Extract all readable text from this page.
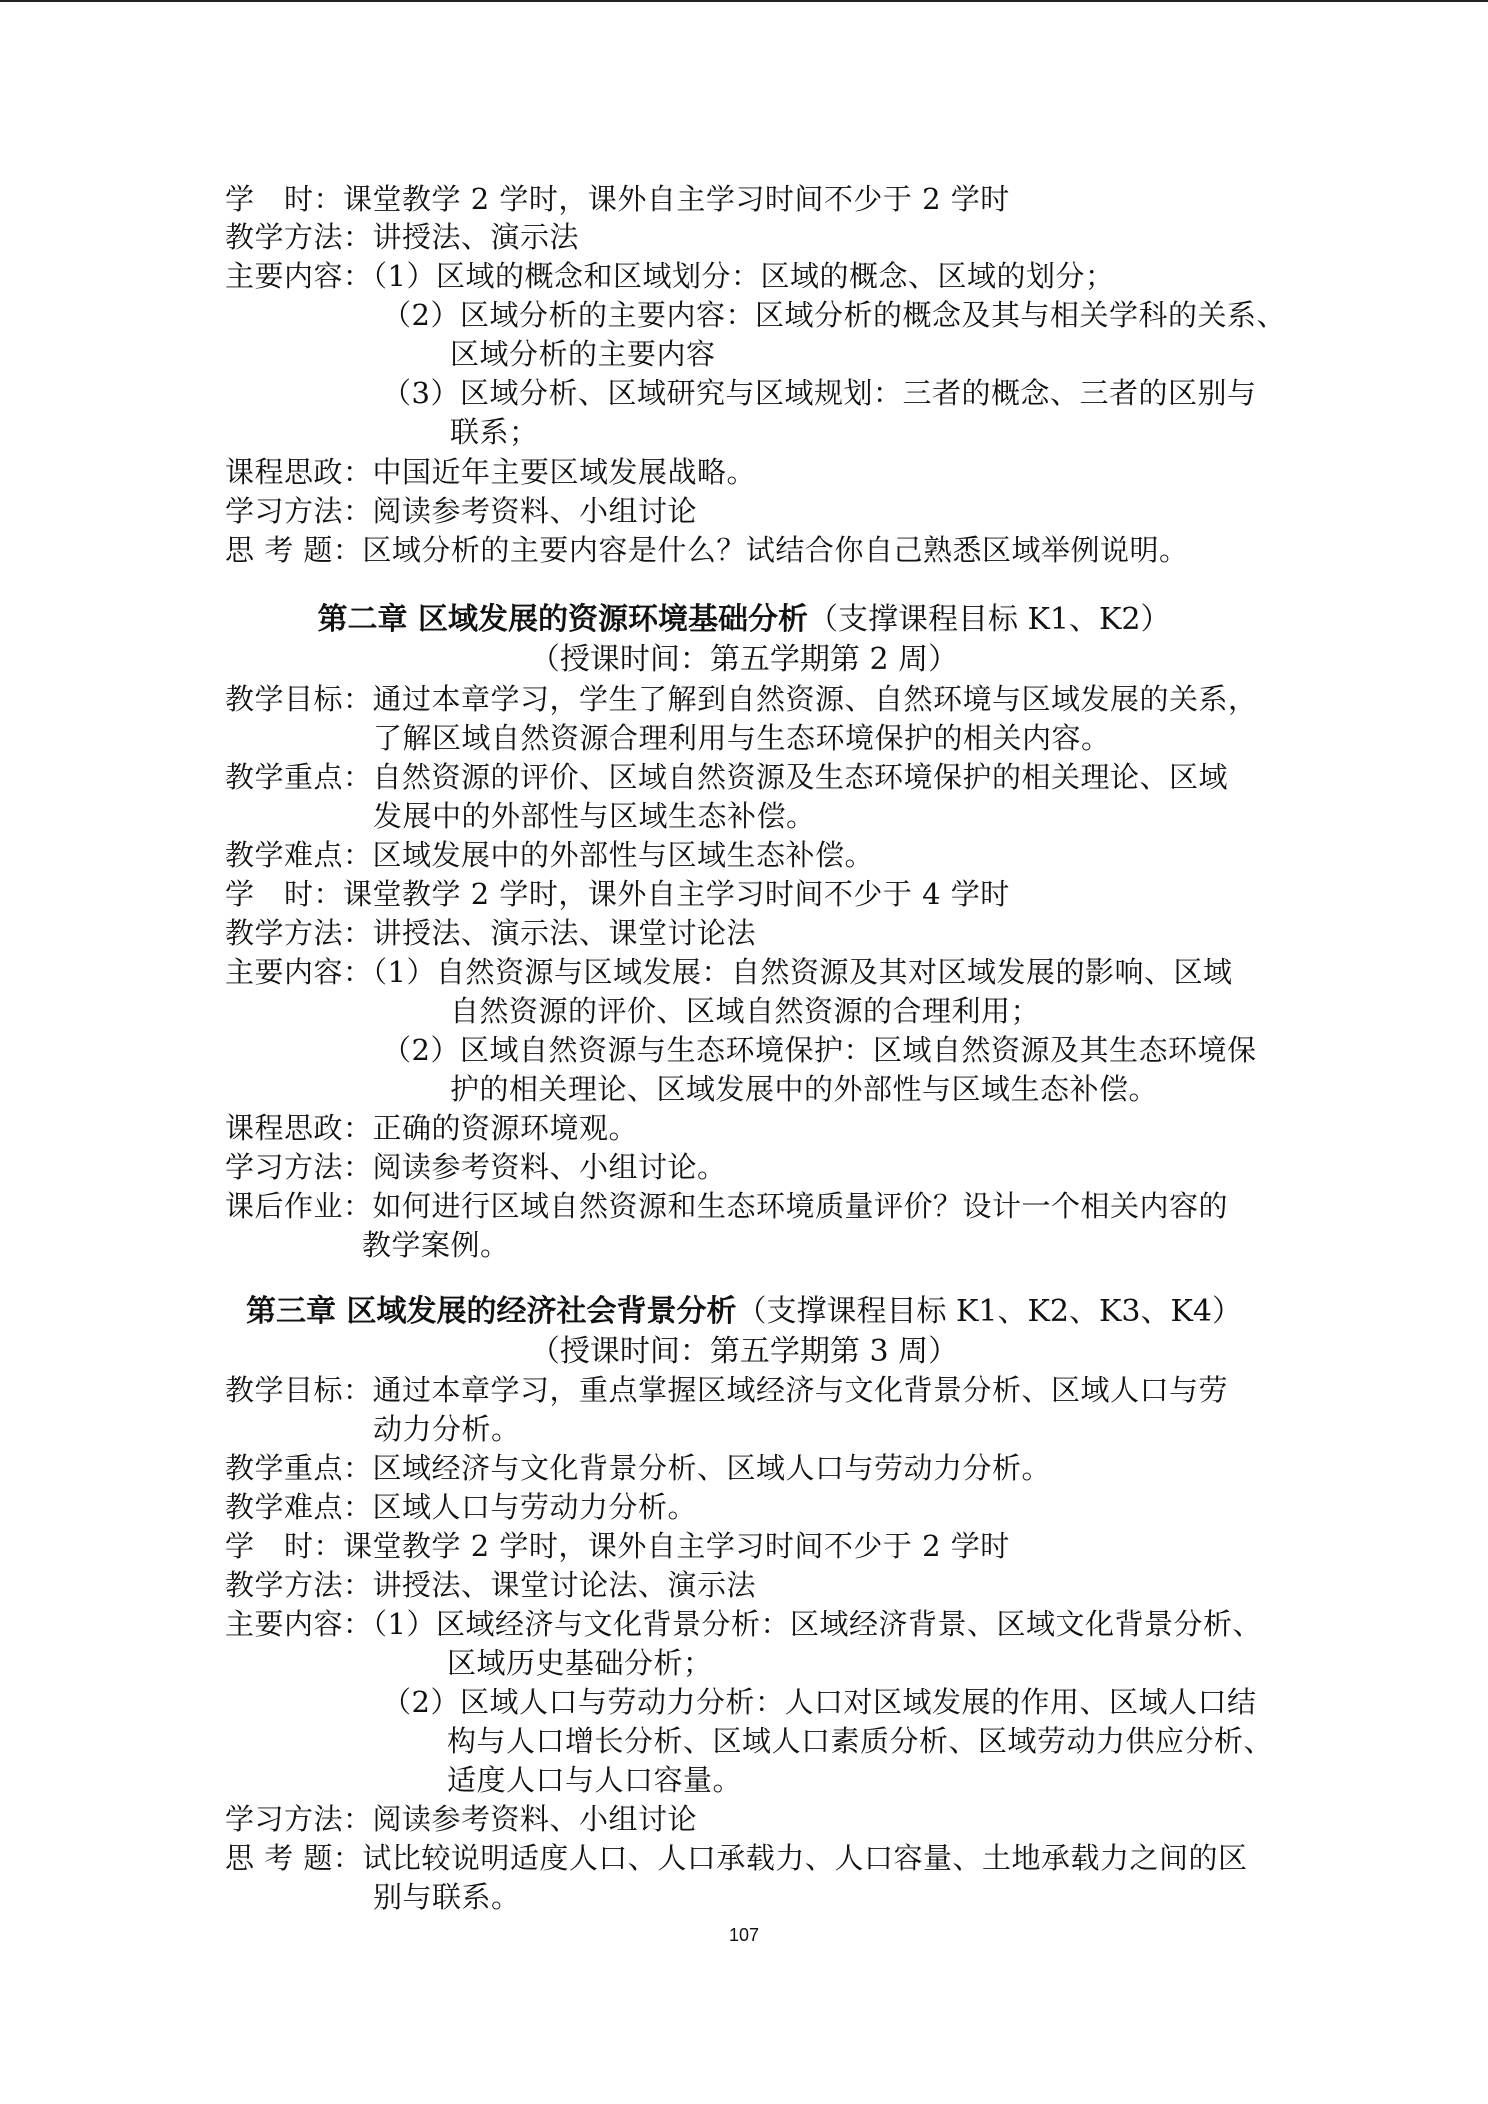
学　时：课堂教学 2 学时，课外自主学习时间不少于 2 学时
教学方法：讲授法、演示法
主要内容：（1）区域的概念和区域划分：区域的概念、区域的划分；
（2）区域分析的主要内容：区域分析的概念及其与相关学科的关系、
区域分析的主要内容
（3）区域分析、区域研究与区域规划：三者的概念、三者的区别与
联系；
课程思政：中国近年主要区域发展战略。
学习方法：阅读参考资料、小组讨论
思 考 题：区域分析的主要内容是什么？试结合你自己熟悉区域举例说明。
第二章 区域发展的资源环境基础分析（支撑课程目标 K1、K2）
（授课时间：第五学期第 2 周）
教学目标：通过本章学习，学生了解到自然资源、自然环境与区域发展的关系，
了解区域自然资源合理利用与生态环境保护的相关内容。
教学重点：自然资源的评价、区域自然资源及生态环境保护的相关理论、区域
发展中的外部性与区域生态补偿。
教学难点：区域发展中的外部性与区域生态补偿。
学　时：课堂教学 2 学时，课外自主学习时间不少于 4 学时
教学方法：讲授法、演示法、课堂讨论法
主要内容：（1）自然资源与区域发展：自然资源及其对区域发展的影响、区域
自然资源的评价、区域自然资源的合理利用；
（2）区域自然资源与生态环境保护：区域自然资源及其生态环境保
护的相关理论、区域发展中的外部性与区域生态补偿。
课程思政：正确的资源环境观。
学习方法：阅读参考资料、小组讨论。
课后作业：如何进行区域自然资源和生态环境质量评价？设计一个相关内容的
教学案例。
第三章 区域发展的经济社会背景分析（支撑课程目标 K1、K2、K3、K4）
（授课时间：第五学期第 3 周）
教学目标：通过本章学习，重点掌握区域经济与文化背景分析、区域人口与劳
动力分析。
教学重点：区域经济与文化背景分析、区域人口与劳动力分析。
教学难点：区域人口与劳动力分析。
学　时：课堂教学 2 学时，课外自主学习时间不少于 2 学时
教学方法：讲授法、课堂讨论法、演示法
主要内容：（1）区域经济与文化背景分析：区域经济背景、区域文化背景分析、
区域历史基础分析；
（2）区域人口与劳动力分析：人口对区域发展的作用、区域人口结
构与人口增长分析、区域人口素质分析、区域劳动力供应分析、
适度人口与人口容量。
学习方法：阅读参考资料、小组讨论
思 考 题：试比较说明适度人口、人口承载力、人口容量、土地承载力之间的区
别与联系。
107
